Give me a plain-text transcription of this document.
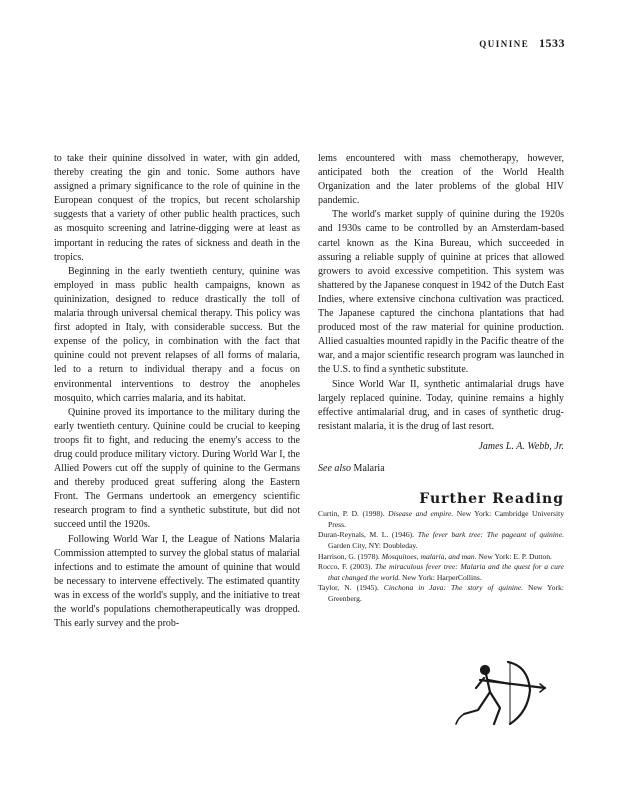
QUININE 1533

to take their quinine dissolved in water, with gin added, thereby creating the gin and tonic. Some authors have assigned a primary significance to the role of quinine in the European conquest of the tropics, but recent scholarship suggests that a variety of other public health practices, such as mosquito screening and latrine-digging were at least as important in reducing the rates of sickness and death in the tropics.

Beginning in the early twentieth century, quinine was employed in mass public health campaigns, known as quininization, designed to reduce drastically the toll of malaria through universal chemical therapy. This policy was first adopted in Italy, with considerable success. But the expense of the policy, in combination with the fact that quinine could not prevent relapses of all forms of malaria, led to a return to individual therapy and a focus on environmental interventions to destroy the anopheles mosquito, which carries malaria, and its habitat.

Quinine proved its importance to the military during the early twentieth century. Quinine could be crucial to keeping troops fit to fight, and reducing the enemy's access to the drug could produce military victory. During World War I, the Allied Powers cut off the supply of quinine to the Germans and thereby produced great suffering along the Eastern Front. The Germans undertook an emergency scientific research program to find a synthetic substitute, but did not succeed until the 1920s.

Following World War I, the League of Nations Malaria Commission attempted to survey the global status of malarial infections and to estimate the amount of quinine that would be necessary to intervene effectively. The estimated quantity was in excess of the world's supply, and the initiative to treat the world's populations chemotherapeutically was dropped. This early survey and the prob-

lems encountered with mass chemotherapy, however, anticipated both the creation of the World Health Organization and the later problems of the global HIV pandemic.

The world's market supply of quinine during the 1920s and 1930s came to be controlled by an Amsterdam-based cartel known as the Kina Bureau, which succeeded in assuring a reliable supply of quinine at prices that allowed growers to avoid excessive competition. This system was shattered by the Japanese conquest in 1942 of the Dutch East Indies, where extensive cinchona cultivation was practiced. The Japanese captured the cinchona plantations that had produced most of the raw material for quinine production. Allied casualties mounted rapidly in the Pacific theatre of the war, and a major scientific research program was launched in the U.S. to find a synthetic substitute.

Since World War II, synthetic antimalarial drugs have largely replaced quinine. Today, quinine remains a highly effective antimalarial drug, and in cases of synthetic drug-resistant malaria, it is the drug of last resort.

James L. A. Webb, Jr.
See also Malaria
Further Reading
Curtin, P. D. (1998). Disease and empire. New York: Cambridge University Press.
Duran-Reynals, M. L. (1946). The fever bark tree: The pageant of quinine. Garden City, NY: Doubleday.
Harrison, G. (1978). Mosquitoes, malaria, and man. New York: E. P. Dutton.
Rocco, F. (2003). The miraculous fever tree: Malaria and the quest for a cure that changed the world. New York: HarperCollins.
Taylor, N. (1945). Cinchona in Java: The story of quinine. New York: Greenberg.
